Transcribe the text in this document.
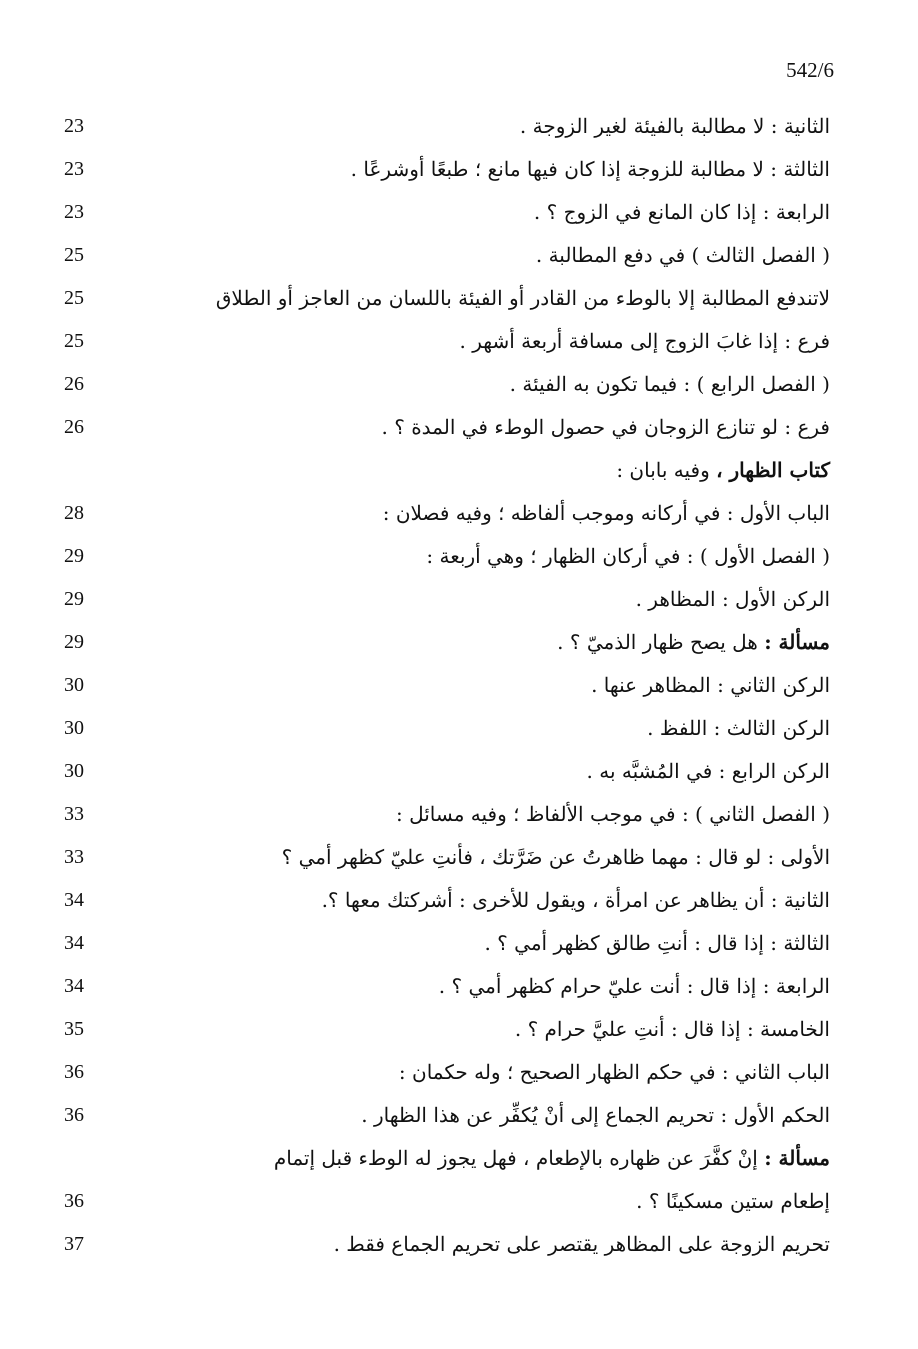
542/6
الثانية : لا مطالبة بالفيئة لغير الزوجة .
23
الثالثة : لا مطالبة للزوجة إذا كان فيها مانع ؛ طبعًا أوشرعًا .
23
الرابعة : إذا كان المانع في الزوج ؟ .
23
( الفصل الثالث ) في دفع المطالبة .
25
لاتندفع المطالبة إلا بالوطء من القادر أو الفيئة باللسان من العاجز أو الطلاق
25
فرع : إذا غابَ الزوج إلى مسافة أربعة أشهر .
25
( الفصل الرابع ) : فيما تكون به الفيئة .
26
فرع : لو تنازع الزوجان في حصول الوطء في المدة ؟ .
26
كتاب الظهار ، وفيه بابان :
الباب الأول : في أركانه وموجب ألفاظه ؛ وفيه فصلان :
28
( الفصل الأول ) : في أركان الظهار ؛ وهي أربعة :
29
الركن الأول : المظاهر .
29
مسألة : هل يصح ظهار الذميّ ؟ .
29
الركن الثاني : المظاهر عنها .
30
الركن الثالث : اللفظ .
30
الركن الرابع : في المُشبَّه به .
30
( الفصل الثاني ) : في موجب الألفاظ ؛ وفيه مسائل :
33
الأولى : لو قال : مهما ظاهرتُ عن ضَرَّتك ، فأنتِ عليّ كظهر أمي ؟
33
الثانية : أن يظاهر عن امرأة ، ويقول للأخرى : أشركتك معها ؟.
34
الثالثة : إذا قال : أنتِ طالق كظهر أمي ؟ .
34
الرابعة : إذا قال : أنت عليّ حرام كظهر أمي ؟ .
34
الخامسة : إذا قال : أنتِ عليَّ حرام ؟ .
35
الباب الثاني : في حكم الظهار الصحيح ؛ وله حكمان :
36
الحكم الأول : تحريم الجماع إلى أنْ يُكفِّر عن هذا الظهار .
36
مسألة : إنْ كفَّرَ عن ظهاره بالإطعام ، فهل يجوز له الوطء قبل إتمام
إطعام ستين مسكينًا ؟ .
36
تحريم الزوجة على المظاهر يقتصر على تحريم الجماع فقط .
37
